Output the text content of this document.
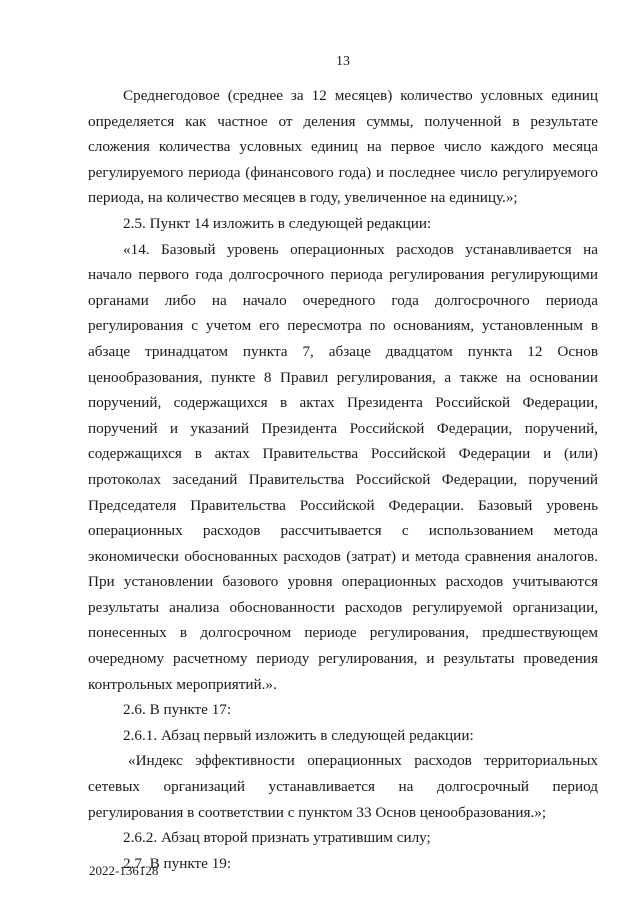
13

Среднегодовое (среднее за 12 месяцев) количество условных единиц определяется как частное от деления суммы, полученной в результате сложения количества условных единиц на первое число каждого месяца регулируемого периода (финансового года) и последнее число регулируемого периода, на количество месяцев в году, увеличенное на единицу.»;

2.5. Пункт 14 изложить в следующей редакции:

«14. Базовый уровень операционных расходов устанавливается на начало первого года долгосрочного периода регулирования регулирующими органами либо на начало очередного года долгосрочного периода регулирования с учетом его пересмотра по основаниям, установленным в абзаце тринадцатом пункта 7, абзаце двадцатом пункта 12 Основ ценообразования, пункте 8 Правил регулирования, а также на основании поручений, содержащихся в актах Президента Российской Федерации, поручений и указаний Президента Российской Федерации, поручений, содержащихся в актах Правительства Российской Федерации и (или) протоколах заседаний Правительства Российской Федерации, поручений Председателя Правительства Российской Федерации. Базовый уровень операционных расходов рассчитывается с использованием метода экономически обоснованных расходов (затрат) и метода сравнения аналогов. При установлении базового уровня операционных расходов учитываются результаты анализа обоснованности расходов регулируемой организации, понесенных в долгосрочном периоде регулирования, предшествующем очередному расчетному периоду регулирования, и результаты проведения контрольных мероприятий.».

2.6. В пункте 17:

2.6.1. Абзац первый изложить в следующей редакции:

«Индекс эффективности операционных расходов территориальных сетевых организаций устанавливается на долгосрочный период регулирования в соответствии с пунктом 33 Основ ценообразования.»;

2.6.2. Абзац второй признать утратившим силу;

2.7. В пункте 19:

2022-136128
